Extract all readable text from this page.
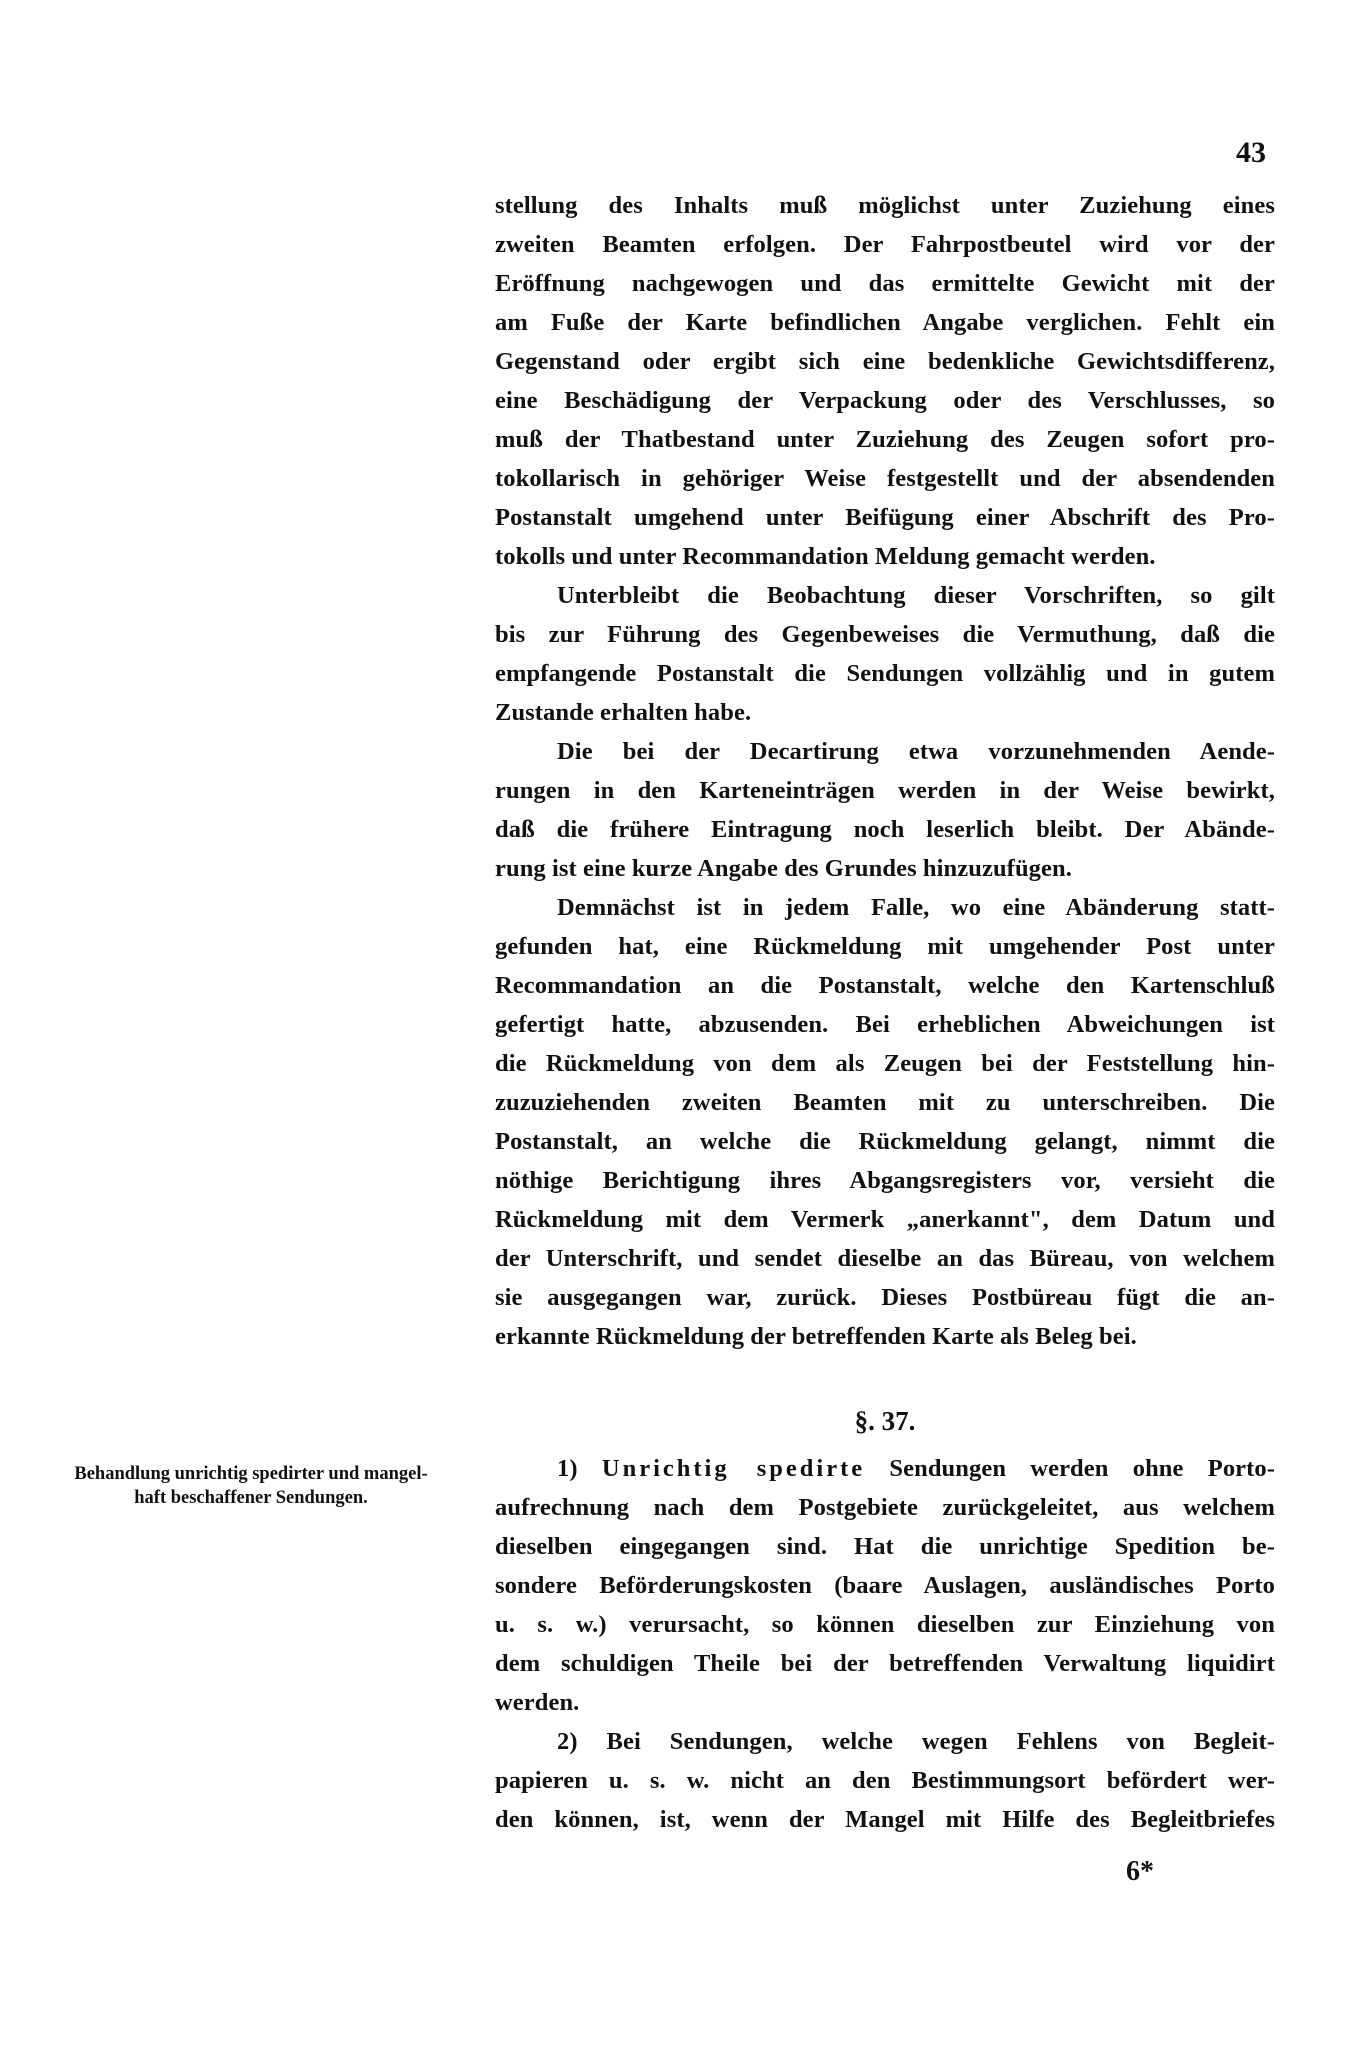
43
stellung des Inhalts muß möglichst unter Zuziehung eines
zweiten Beamten erfolgen. Der Fahrpostbeutel wird vor der
Eröffnung nachgewogen und das ermittelte Gewicht mit der
am Fuße der Karte befindlichen Angabe verglichen. Fehlt ein
Gegenstand oder ergibt sich eine bedenkliche Gewichtsdifferenz,
eine Beschädigung der Verpackung oder des Verschlusses, so
muß der Thatbestand unter Zuziehung des Zeugen sofort pro-
tokollarisch in gehöriger Weise festgestellt und der absendenden
Postanstalt umgehend unter Beifügung einer Abschrift des Pro-
tokolls und unter Recommandation Meldung gemacht werden.
Unterbleibt die Beobachtung dieser Vorschriften, so gilt
bis zur Führung des Gegenbeweises die Vermuthung, daß die
empfangende Postanstalt die Sendungen vollzählig und in gutem
Zustande erhalten habe.
Die bei der Decartirung etwa vorzunehmenden Aende-
rungen in den Karteneinträgen werden in der Weise bewirkt,
daß die frühere Eintragung noch leserlich bleibt. Der Abände-
rung ist eine kurze Angabe des Grundes hinzuzufügen.
Demnächst ist in jedem Falle, wo eine Abänderung statt-
gefunden hat, eine Rückmeldung mit umgehender Post unter
Recommandation an die Postanstalt, welche den Kartenschluß
gefertigt hatte, abzusenden. Bei erheblichen Abweichungen ist
die Rückmeldung von dem als Zeugen bei der Feststellung hin-
zuzuziehenden zweiten Beamten mit zu unterschreiben. Die
Postanstalt, an welche die Rückmeldung gelangt, nimmt die
nöthige Berichtigung ihres Abgangsregisters vor, versieht die
Rückmeldung mit dem Vermerk „anerkannt", dem Datum und
der Unterschrift, und sendet dieselbe an das Büreau, von welchem
sie ausgegangen war, zurück. Dieses Postbüreau fügt die an-
erkannte Rückmeldung der betreffenden Karte als Beleg bei.
§. 37.
Behandlung unrichtig spedirter und mangel-
haft beschaffener Sendungen.
1) Unrichtig spedirte Sendungen werden ohne Porto-
aufrechnung nach dem Postgebiete zurückgeleitet, aus welchem
dieselben eingegangen sind. Hat die unrichtige Spedition be-
sondere Beförderungskosten (baare Auslagen, ausländisches Porto
u. s. w.) verursacht, so können dieselben zur Einziehung von
dem schuldigen Theile bei der betreffenden Verwaltung liquidirt
werden.
2) Bei Sendungen, welche wegen Fehlens von Begleit-
papieren u. s. w. nicht an den Bestimmungsort befördert wer-
den können, ist, wenn der Mangel mit Hilfe des Begleitbriefes
6*
